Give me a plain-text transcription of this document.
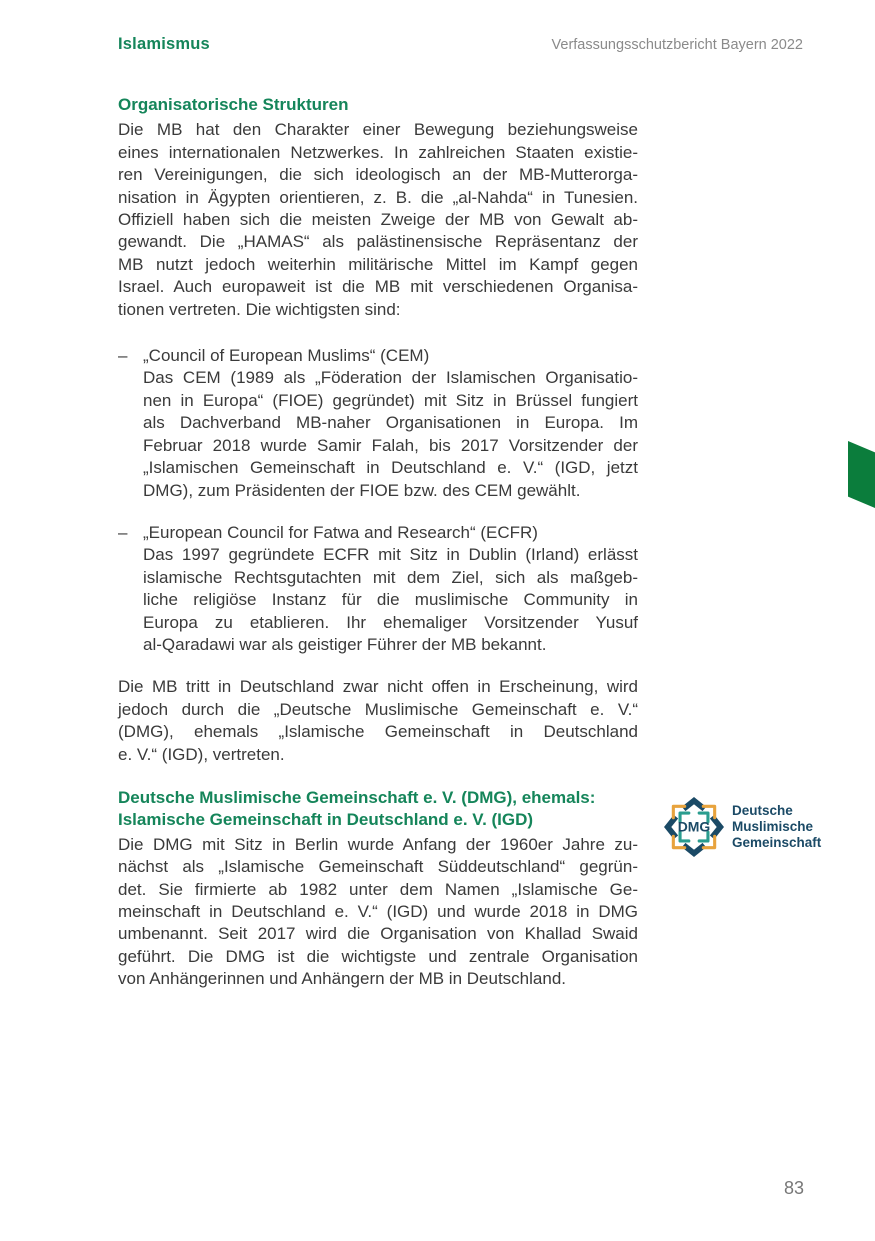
Islamismus	Verfassungsschutzbericht Bayern 2022
Organisatorische Strukturen
Die MB hat den Charakter einer Bewegung beziehungsweise
eines internationalen Netzwerkes. In zahlreichen Staaten existie-
ren Vereinigungen, die sich ideologisch an der MB-Mutterorga-
nisation in Ägypten orientieren, z. B. die „al-Nahda“ in Tunesien.
Offiziell haben sich die meisten Zweige der MB von Gewalt ab-
gewandt. Die „HAMAS“ als palästinensische Repräsentanz der
MB nutzt jedoch weiterhin militärische Mittel im Kampf gegen
Israel. Auch europaweit ist die MB mit verschiedenen Organisa-
tionen vertreten. Die wichtigsten sind:
– „Council of European Muslims“ (CEM)
Das CEM (1989 als „Föderation der Islamischen Organisatio-
nen in Europa“ (FIOE) gegründet) mit Sitz in Brüssel fungiert
als Dachverband MB-naher Organisationen in Europa. Im
Februar 2018 wurde Samir Falah, bis 2017 Vorsitzender der
„Islamischen Gemeinschaft in Deutschland e. V.“ (IGD, jetzt
DMG), zum Präsidenten der FIOE bzw. des CEM gewählt.
– „European Council for Fatwa and Research“ (ECFR)
Das 1997 gegründete ECFR mit Sitz in Dublin (Irland) erlässt
islamische Rechtsgutachten mit dem Ziel, sich als maßgeb-
liche religiöse Instanz für die muslimische Community in
Europa zu etablieren. Ihr ehemaliger Vorsitzender Yusuf
al-Qaradawi war als geistiger Führer der MB bekannt.
Die MB tritt in Deutschland zwar nicht offen in Erscheinung, wird
jedoch durch die „Deutsche Muslimische Gemeinschaft e. V.“
(DMG), ehemals „Islamische Gemeinschaft in Deutschland
e. V.“ (IGD), vertreten.
Deutsche Muslimische Gemeinschaft e. V. (DMG), ehemals:
Islamische Gemeinschaft in Deutschland e. V. (IGD)
Die DMG mit Sitz in Berlin wurde Anfang der 1960er Jahre zu-
nächst als „Islamische Gemeinschaft Süddeutschland“ gegrün-
det. Sie firmierte ab 1982 unter dem Namen „Islamische Ge-
meinschaft in Deutschland e. V.“ (IGD) und wurde 2018 in DMG
umbenannt. Seit 2017 wird die Organisation von Khallad Swaid
geführt. Die DMG ist die wichtigste und zentrale Organisation
von Anhängerinnen und Anhängern der MB in Deutschland.
DMG
Deutsche
Muslimische
Gemeinschaft
83
